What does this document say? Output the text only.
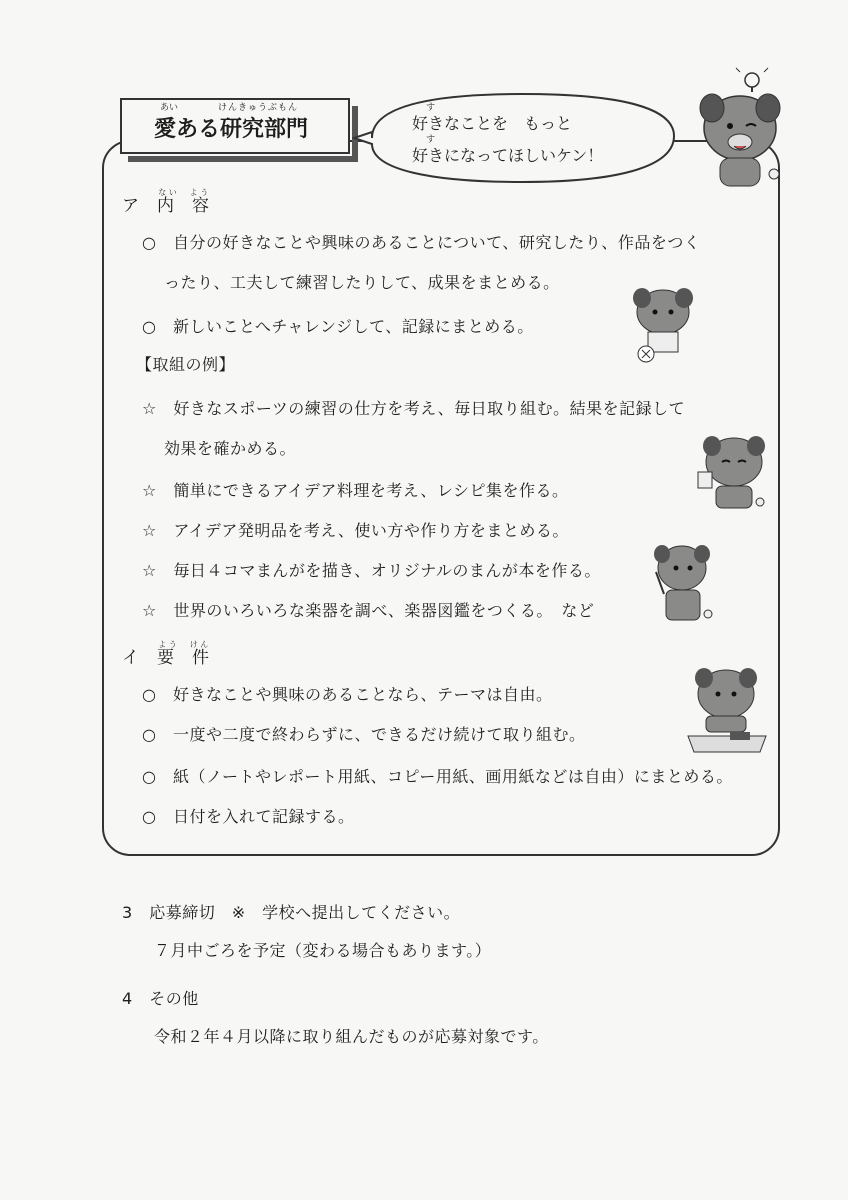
あい	けんきゅうぶもん
愛ある研究部門
す
す
好きなことを　もっと
好きになってほしいケン！
ア　 内　容ない　よう
○　 自分の好きなことや興味のあることについて、研究したり、作品をつく
ったり、工夫して練習したりして、成果をまとめる。
○　 新しいことへチャレンジして、記録にまとめる。
【取組の例】
☆　 好きなスポーツの練習の仕方を考え、毎日取り組む。結果を記録して
効果を確かめる。
☆　 簡単にできるアイデア料理を考え、レシピ集を作る。
☆　 アイデア発明品を考え、使い方や作り方をまとめる。
☆　 毎日４コマまんがを描き、オリジナルのまんが本を作る。
☆　 世界のいろいろな楽器を調べ、楽器図鑑をつくる。　など
イ　 要　件よう　けん
○　 好きなことや興味のあることなら、テーマは自由。
○　 一度や二度で終わらずに、できるだけ続けて取り組む。
○　 紙（ノートやレポート用紙、コピー用紙、画用紙などは自由）にまとめる。
○　 日付を入れて記録する。
3　 応募締切　 ※　学校へ提出してください。
７月中ごろを予定（変わる場合もあります。）
4　 その他
令和２年４月以降に取り組んだものが応募対象です。
